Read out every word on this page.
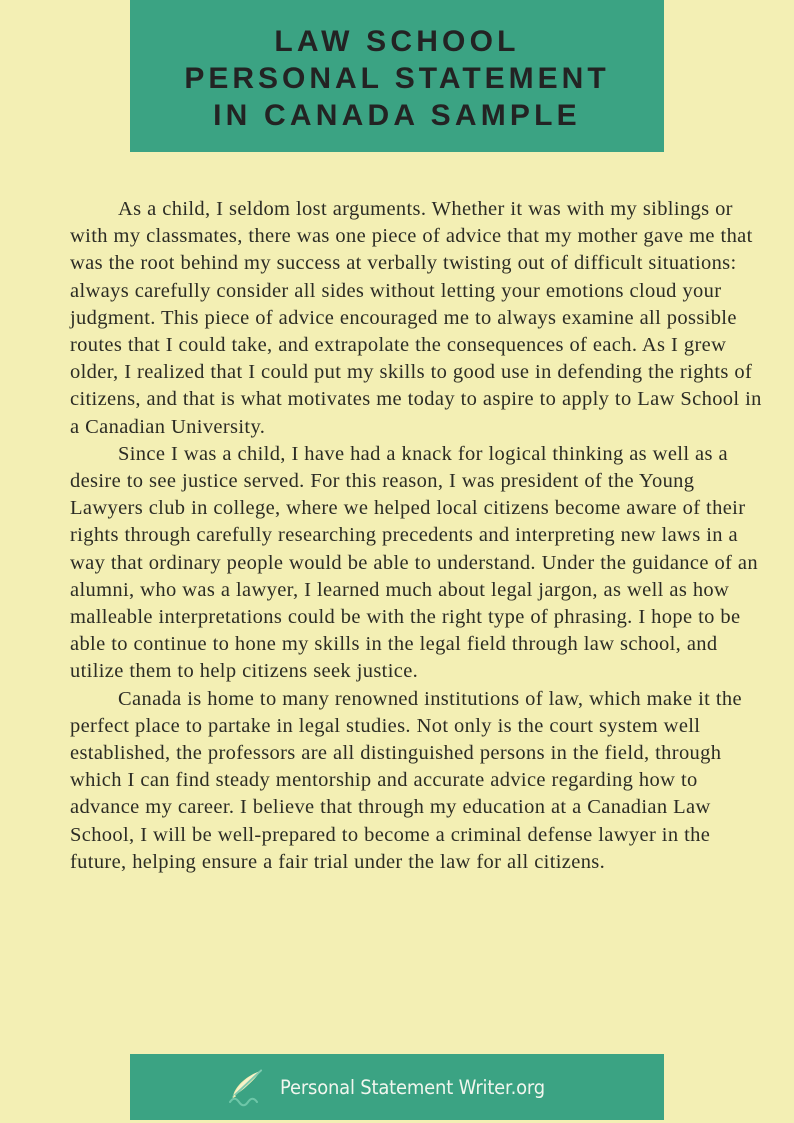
LAW SCHOOL
PERSONAL STATEMENT
IN CANADA SAMPLE

As a child, I seldom lost arguments. Whether it was with my siblings or with my classmates, there was one piece of advice that my mother gave me that was the root behind my success at verbally twisting out of difficult situations: always carefully consider all sides without letting your emotions cloud your judgment. This piece of advice encouraged me to always examine all possible routes that I could take, and extrapolate the consequences of each. As I grew older, I realized that I could put my skills to good use in defending the rights of citizens, and that is what motivates me today to aspire to apply to Law School in a Canadian University.

Since I was a child, I have had a knack for logical thinking as well as a desire to see justice served. For this reason, I was president of the Young Lawyers club in college, where we helped local citizens become aware of their rights through carefully researching precedents and interpreting new laws in a way that ordinary people would be able to understand. Under the guidance of an alumni, who was a lawyer, I learned much about legal jargon, as well as how malleable interpretations could be with the right type of phrasing. I hope to be able to continue to hone my skills in the legal field through law school, and utilize them to help citizens seek justice.

Canada is home to many renowned institutions of law, which make it the perfect place to partake in legal studies. Not only is the court system well established, the professors are all distinguished persons in the field, through which I can find steady mentorship and accurate advice regarding how to advance my career. I believe that through my education at a Canadian Law School, I will be well-prepared to become a criminal defense lawyer in the future, helping ensure a fair trial under the law for all citizens.

Personal Statement Writer.org
